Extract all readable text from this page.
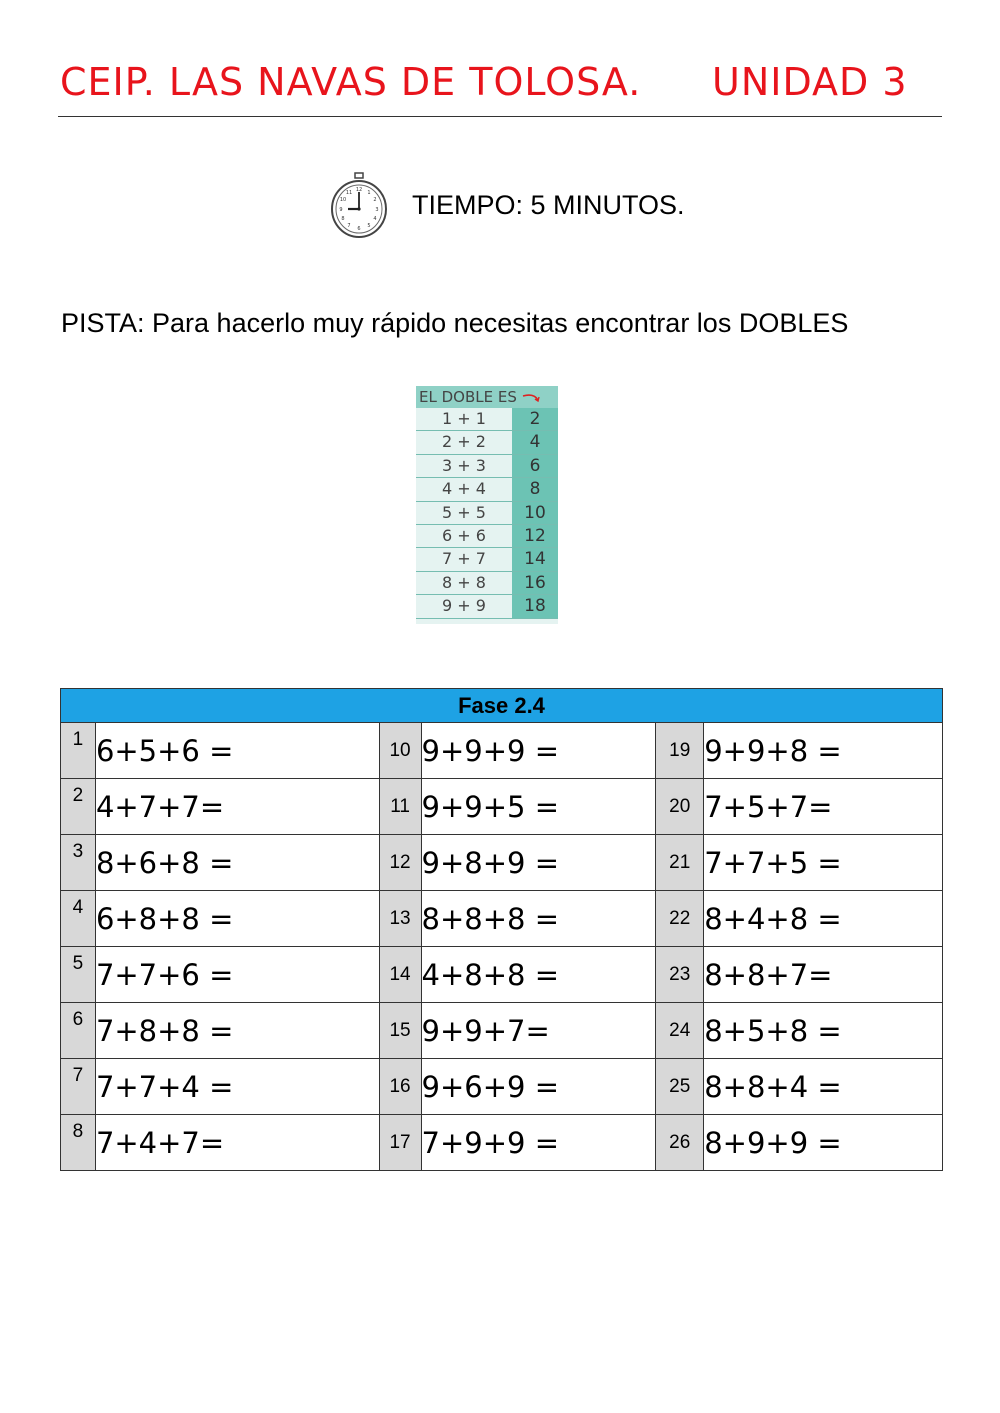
CEIP. LAS NAVAS DE TOLOSA. UNIDAD 3
12 1
2
3
4
5
6
7
8
9
10
11 TIEMPO: 5 MINUTOS.
PISTA: Para hacerlo muy rápido necesitas encontrar los DOBLES
EL DOBLE ES
1 + 1	2
2 + 2	4
3 + 3	6
4 + 4	8
5 + 5	10
6 + 6	12
7 + 7	14
8 + 8	16
9 + 9	18
Fase 2.4					
1	6+5+6 =	10	9+9+9 =	19	9+9+8 =
2	4+7+7=	11	9+9+5 =	20	7+5+7=
3	8+6+8 =	12	9+8+9 =	21	7+7+5 =
4	6+8+8 =	13	8+8+8 =	22	8+4+8 =
5	7+7+6 =	14	4+8+8 =	23	8+8+7=
6	7+8+8 =	15	9+9+7=	24	8+5+8 =
7	7+7+4 =	16	9+6+9 =	25	8+8+4 =
8	7+4+7=	17	7+9+9 =	26	8+9+9 =
